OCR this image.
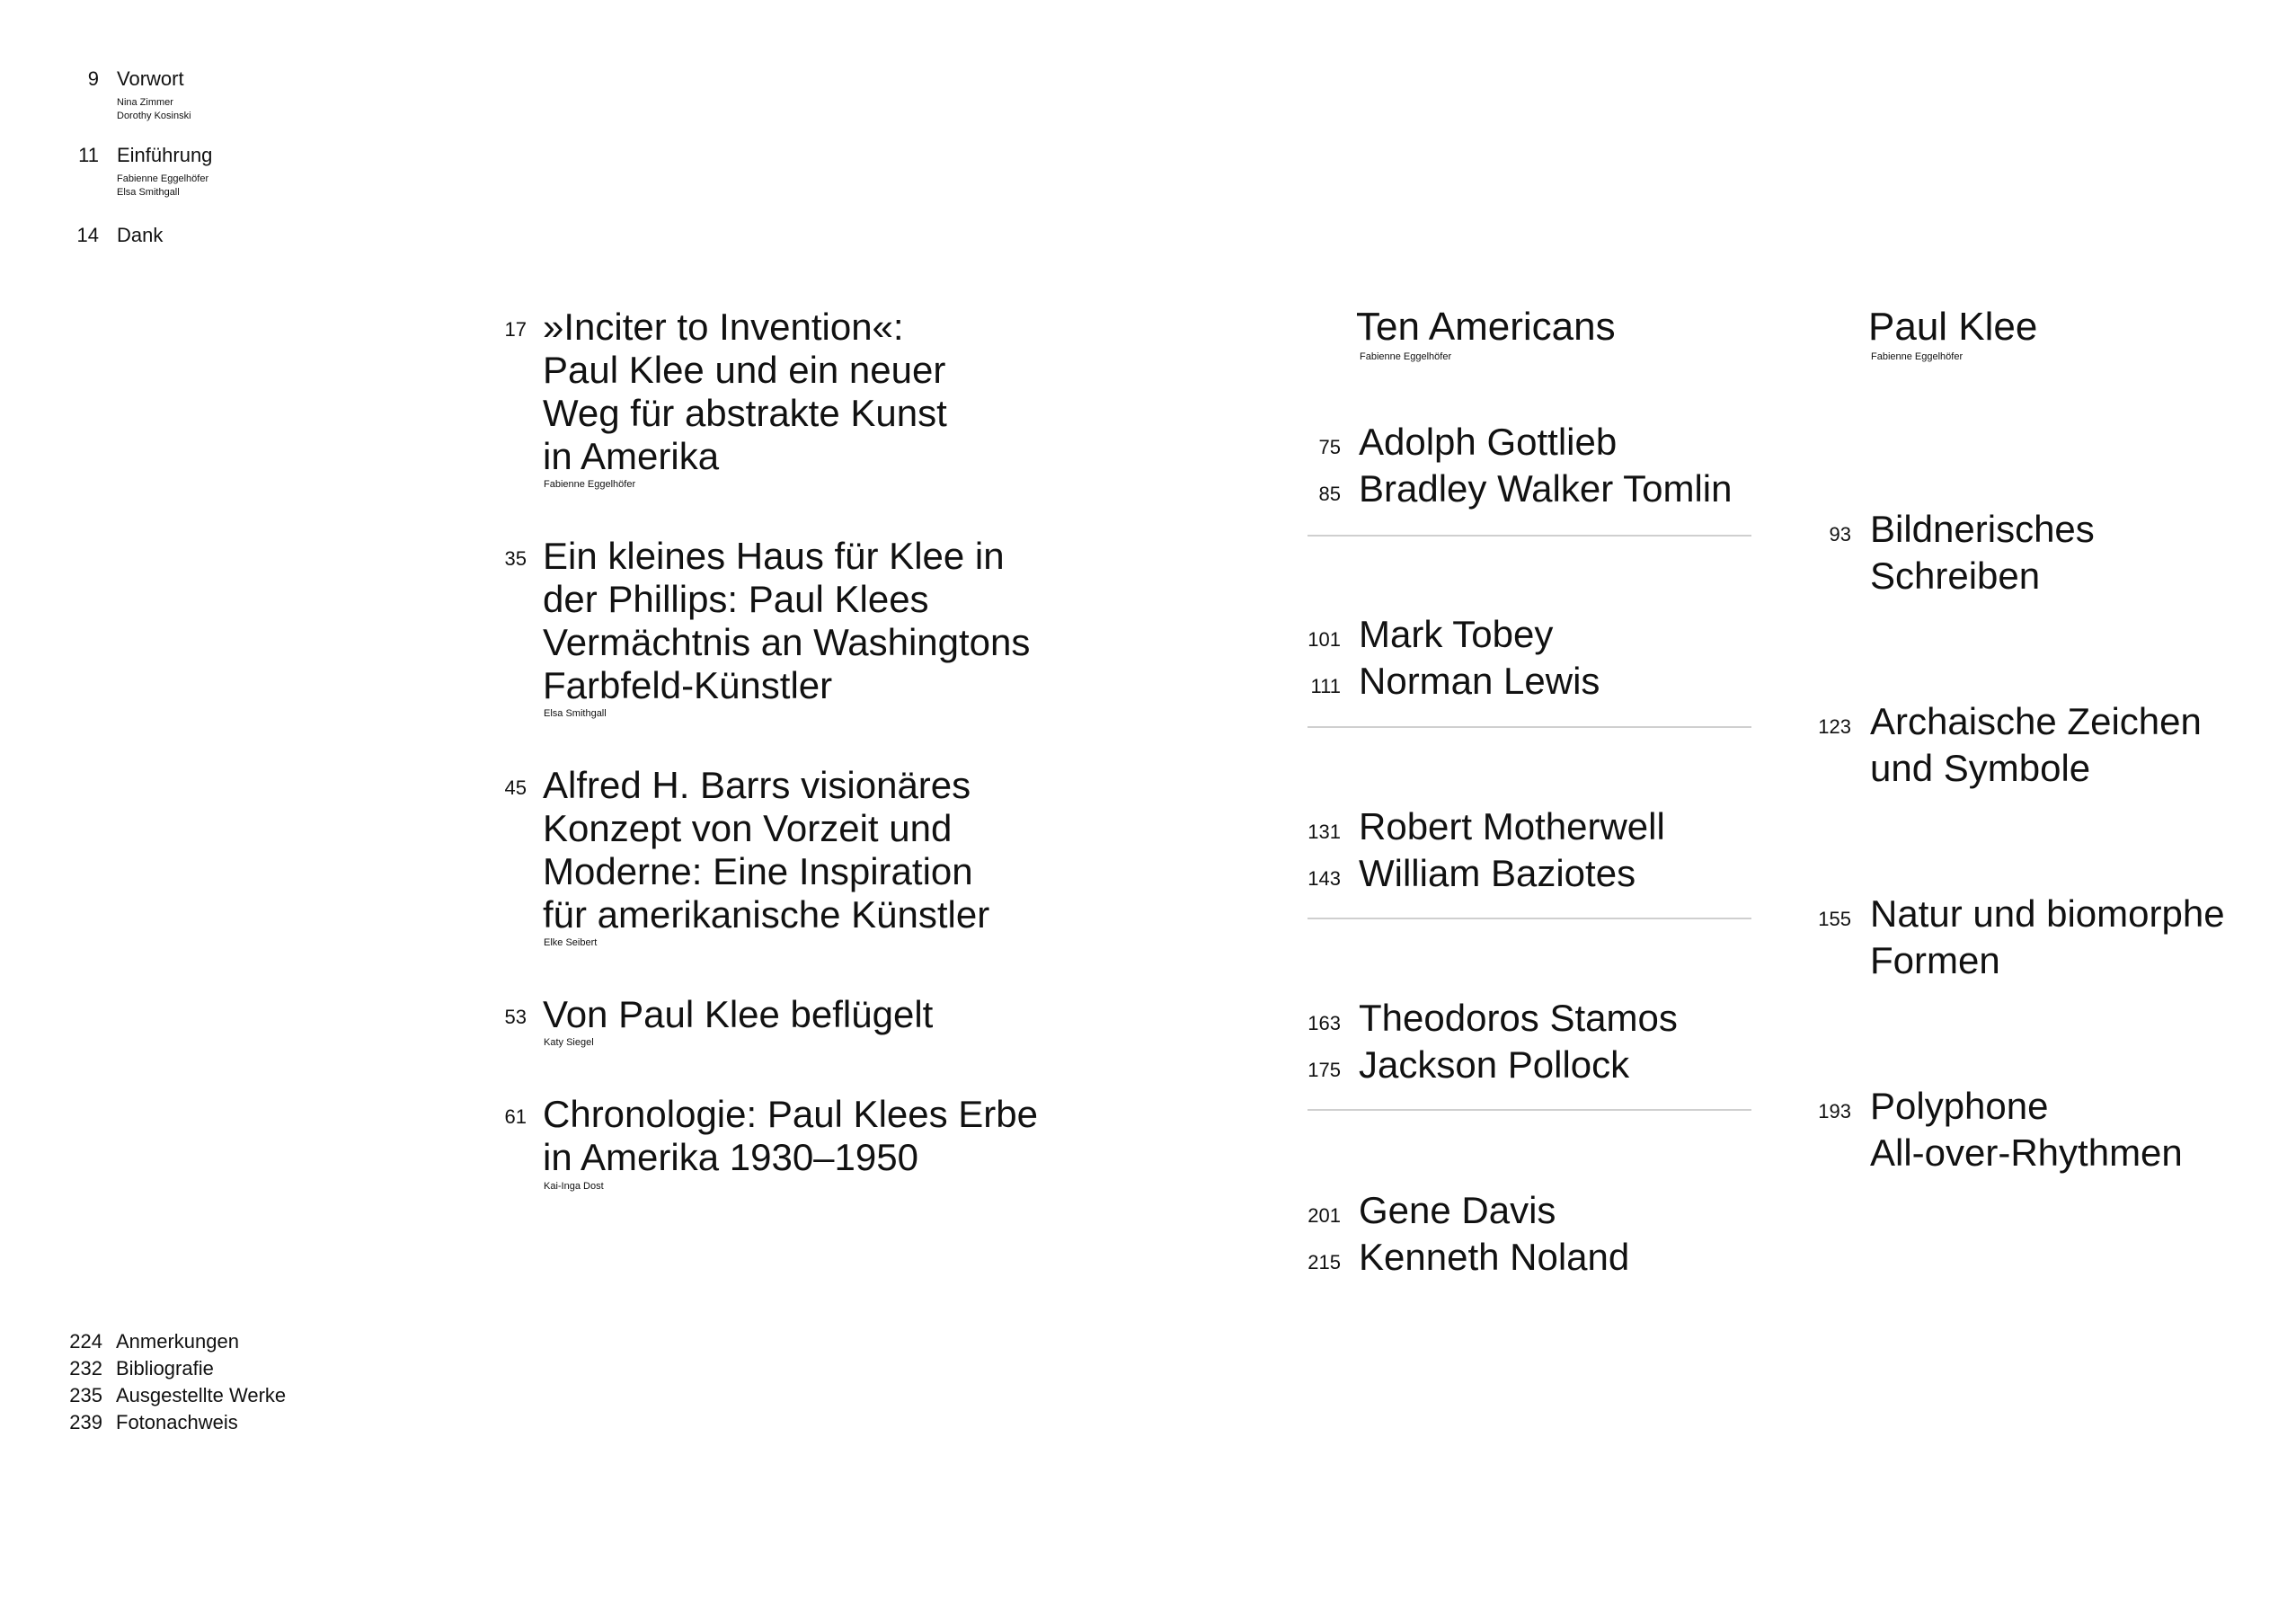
9 Vorwort
Nina Zimmer
Dorothy Kosinski
11 Einführung
Fabienne Eggelhöfer
Elsa Smithgall
14 Dank
17 »Inciter to Invention«:
Paul Klee und ein neuer
Weg für abstrakte Kunst
in Amerika
Fabienne Eggelhöfer
35 Ein kleines Haus für Klee in
der Phillips: Paul Klees
Vermächtnis an Washingtons
Farbfeld-Künstler
Elsa Smithgall
45 Alfred H. Barrs visionäres
Konzept von Vorzeit und
Moderne: Eine Inspiration
für amerikanische Künstler
Elke Seibert
53 Von Paul Klee beflügelt
Katy Siegel
61 Chronologie: Paul Klees Erbe
in Amerika 1930–1950
Kai-Inga Dost
Ten Americans
Fabienne Eggelhöfer
75 Adolph Gottlieb
85 Bradley Walker Tomlin
101 Mark Tobey
111 Norman Lewis
131 Robert Motherwell
143 William Baziotes
163 Theodoros Stamos
175 Jackson Pollock
201 Gene Davis
215 Kenneth Noland
Paul Klee
Fabienne Eggelhöfer
93 Bildnerisches
Schreiben
123 Archaische Zeichen
und Symbole
155 Natur und biomorphe
Formen
193 Polyphone
All-over-Rhythmen
224 Anmerkungen
232 Bibliografie
235 Ausgestellte Werke
239 Fotonachweis
